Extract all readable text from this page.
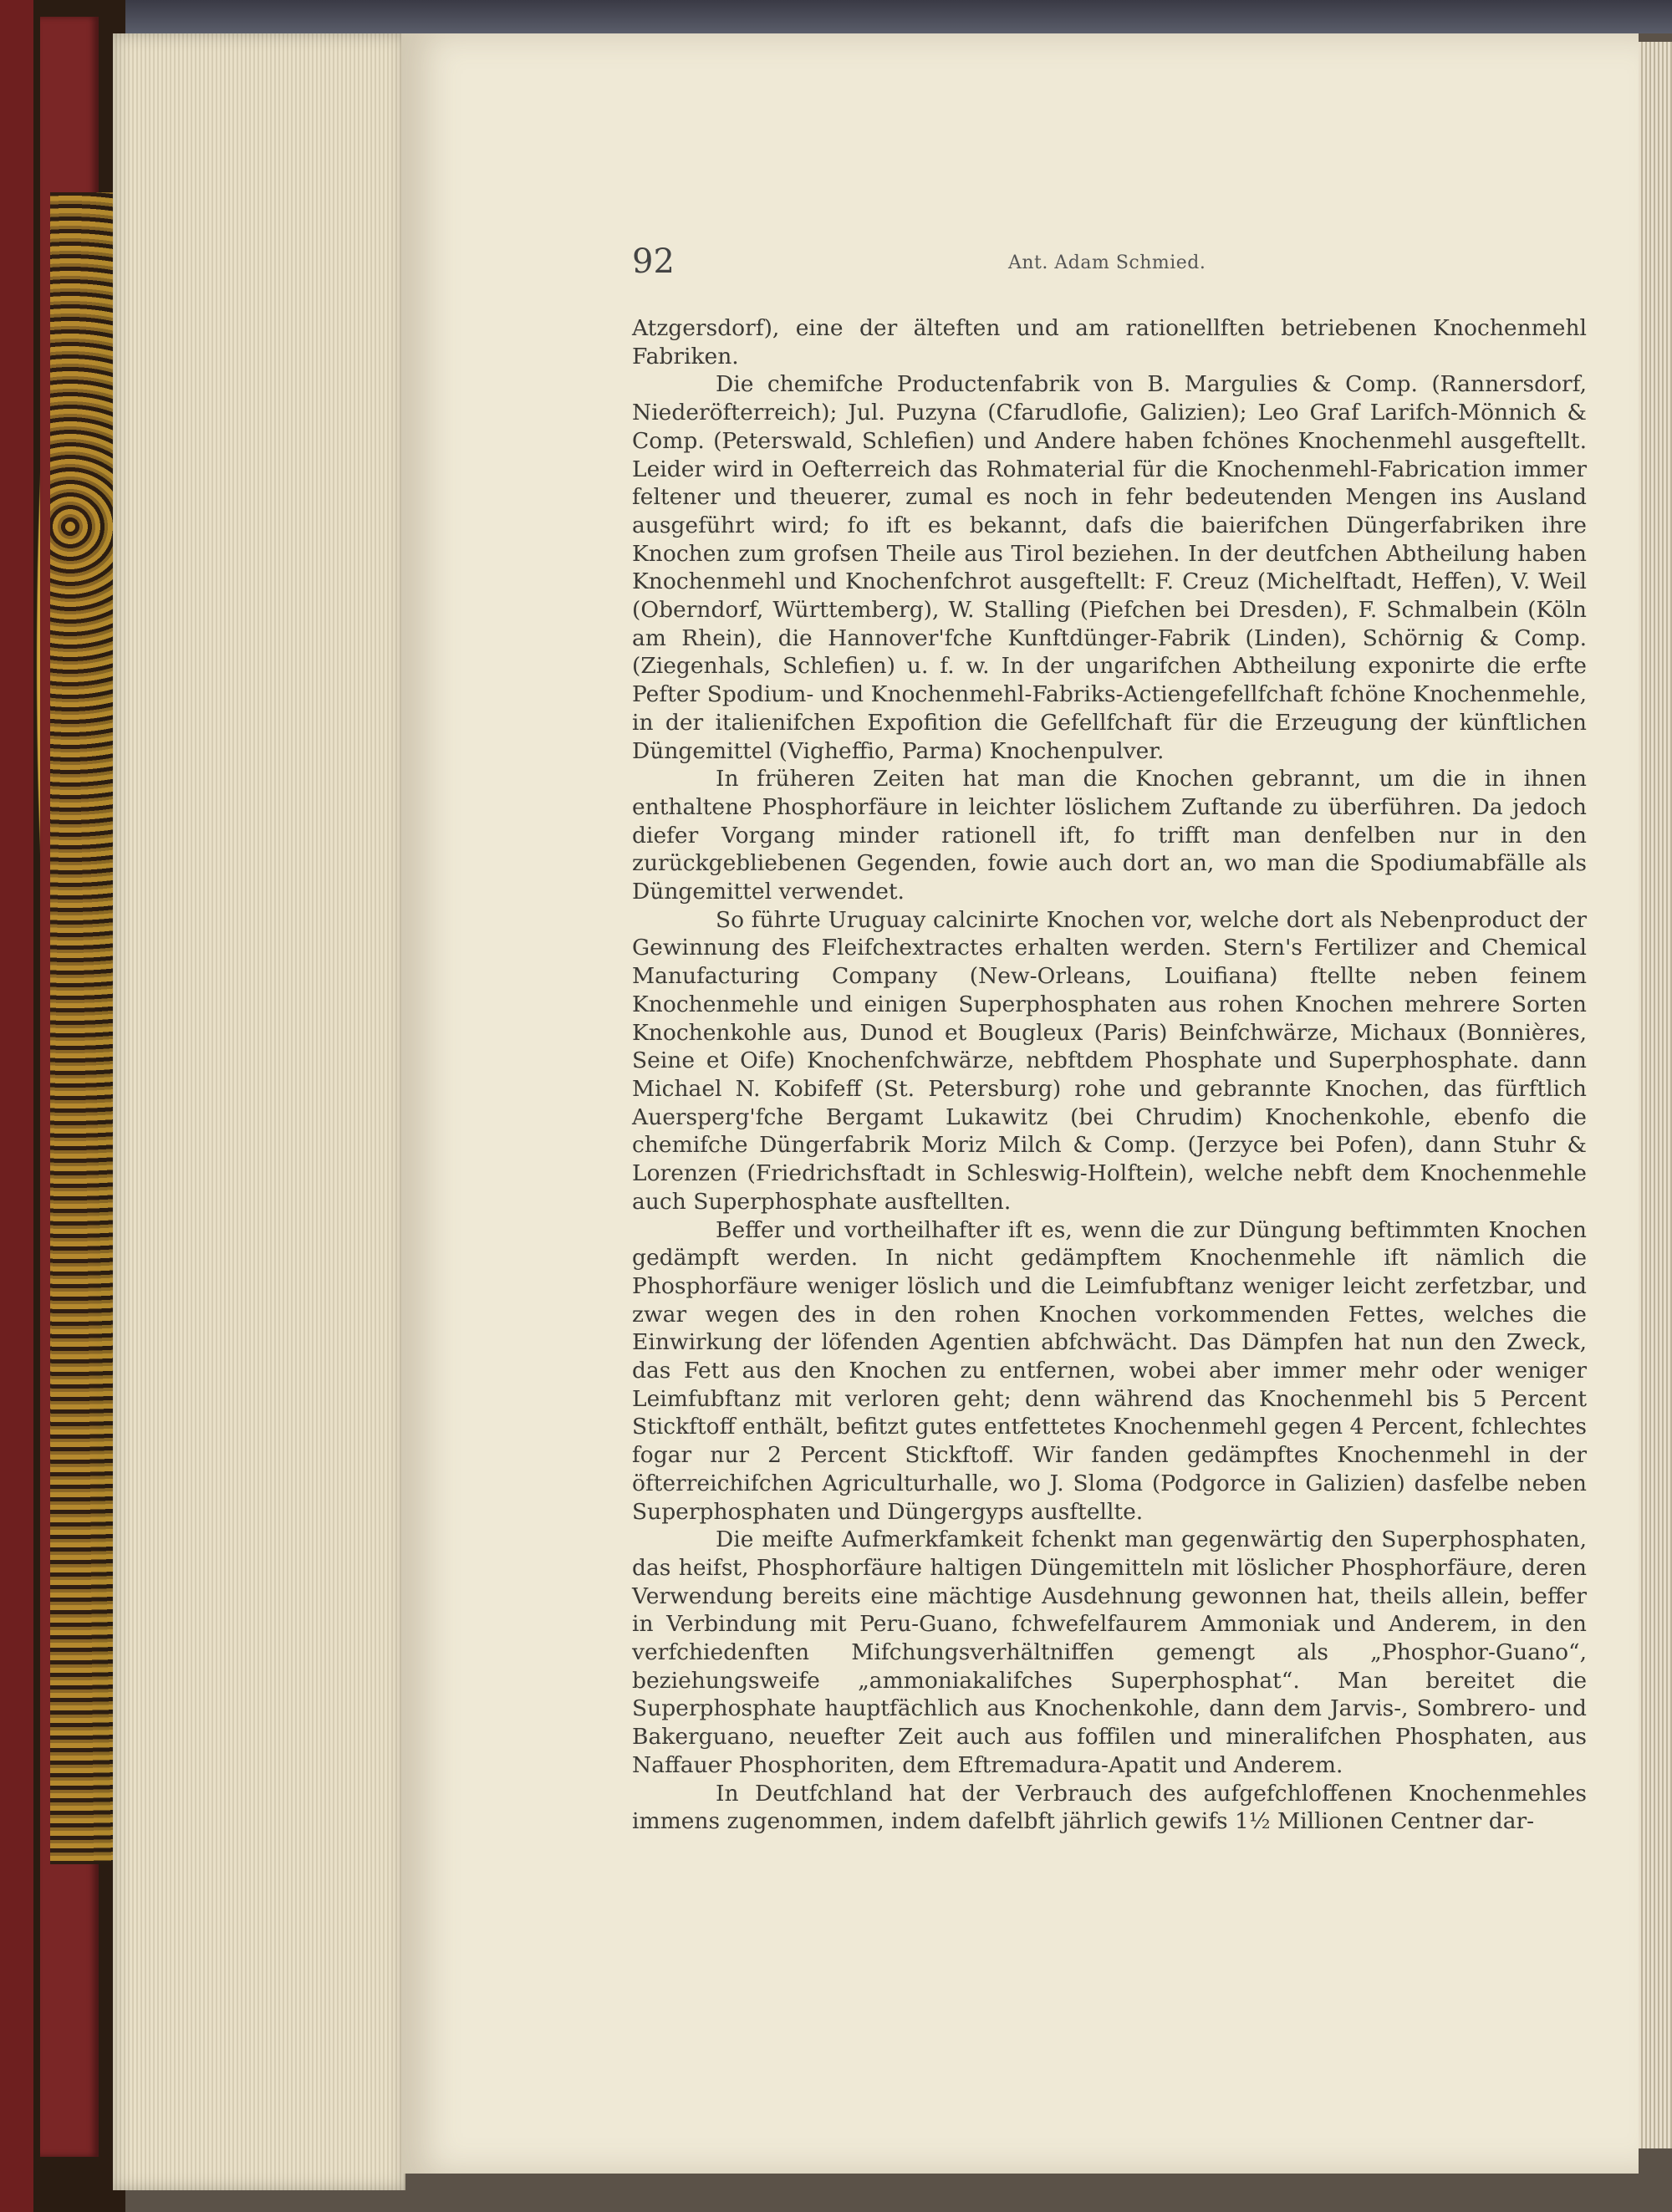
92	Ant. Adam Schmied.

Atzgersdorf), eine der älteften und am rationellften betriebenen Knochenmehl Fabriken.

Die chemifche Productenfabrik von B. Margulies & Comp. (Rannersdorf, Niederöfterreich); Jul. Puzyna (Cfarudlofie, Galizien); Leo Graf Larifch-Mönnich & Comp. (Peterswald, Schlefien) und Andere haben fchönes Knochenmehl ausgeftellt. Leider wird in Oefterreich das Rohmaterial für die Knochenmehl-Fabrication immer feltener und theuerer, zumal es noch in fehr bedeutenden Mengen ins Ausland ausgeführt wird; fo ift es bekannt, dafs die baierifchen Düngerfabriken ihre Knochen zum grofsen Theile aus Tirol beziehen. In der deutfchen Abtheilung haben Knochenmehl und Knochenfchrot ausgeftellt: F. Creuz (Michelftadt, Heffen), V. Weil (Oberndorf, Württemberg), W. Stalling (Piefchen bei Dresden), F. Schmalbein (Köln am Rhein), die Hannover'fche Kunftdünger-Fabrik (Linden), Schörnig & Comp. (Ziegenhals, Schlefien) u. f. w. In der ungarifchen Abtheilung exponirte die erfte Pefter Spodium- und Knochenmehl-Fabriks-Actiengefellfchaft fchöne Knochenmehle, in der italienifchen Expofition die Gefellfchaft für die Erzeugung der künftlichen Düngemittel (Vigheffio, Parma) Knochenpulver.

In früheren Zeiten hat man die Knochen gebrannt, um die in ihnen enthaltene Phosphorfäure in leichter löslichem Zuftande zu überführen. Da jedoch diefer Vorgang minder rationell ift, fo trifft man denfelben nur in den zurückgebliebenen Gegenden, fowie auch dort an, wo man die Spodiumabfälle als Düngemittel verwendet.

So führte Uruguay calcinirte Knochen vor, welche dort als Nebenproduct der Gewinnung des Fleifchextractes erhalten werden. Stern's Fertilizer and Chemical Manufacturing Company (New-Orleans, Louifiana) ftellte neben feinem Knochenmehle und einigen Superphosphaten aus rohen Knochen mehrere Sorten Knochenkohle aus, Dunod et Bougleux (Paris) Beinfchwärze, Michaux (Bonnières, Seine et Oife) Knochenfchwärze, nebftdem Phosphate und Superphosphate. dann Michael N. Kobifeff (St. Petersburg) rohe und gebrannte Knochen, das fürftlich Auersperg'fche Bergamt Lukawitz (bei Chrudim) Knochenkohle, ebenfo die chemifche Düngerfabrik Moriz Milch & Comp. (Jerzyce bei Pofen), dann Stuhr & Lorenzen (Friedrichsftadt in Schleswig-Holftein), welche nebft dem Knochenmehle auch Superphosphate ausftellten.

Beffer und vortheilhafter ift es, wenn die zur Düngung beftimmten Knochen gedämpft werden. In nicht gedämpftem Knochenmehle ift nämlich die Phosphorfäure weniger löslich und die Leimfubftanz weniger leicht zerfetzbar, und zwar wegen des in den rohen Knochen vorkommenden Fettes, welches die Einwirkung der löfenden Agentien abfchwächt. Das Dämpfen hat nun den Zweck, das Fett aus den Knochen zu entfernen, wobei aber immer mehr oder weniger Leimfubftanz mit verloren geht; denn während das Knochenmehl bis 5 Percent Stickftoff enthält, befitzt gutes entfettetes Knochenmehl gegen 4 Percent, fchlechtes fogar nur 2 Percent Stickftoff. Wir fanden gedämpftes Knochenmehl in der öfterreichifchen Agriculturhalle, wo J. Sloma (Podgorce in Galizien) dasfelbe neben Superphosphaten und Düngergyps ausftellte.

Die meifte Aufmerkfamkeit fchenkt man gegenwärtig den Superphosphaten, das heifst, Phosphorfäure haltigen Düngemitteln mit löslicher Phosphorfäure, deren Verwendung bereits eine mächtige Ausdehnung gewonnen hat, theils allein, beffer in Verbindung mit Peru-Guano, fchwefelfaurem Ammoniak und Anderem, in den verfchiedenften Mifchungsverhältniffen gemengt als „Phosphor-Guano“, beziehungsweife „ammoniakalifches Superphosphat“. Man bereitet die Superphosphate hauptfächlich aus Knochenkohle, dann dem Jarvis-, Sombrero- und Bakerguano, neuefter Zeit auch aus foffilen und mineralifchen Phosphaten, aus Naffauer Phosphoriten, dem Eftremadura-Apatit und Anderem.

In Deutfchland hat der Verbrauch des aufgefchloffenen Knochenmehles immens zugenommen, indem dafelbft jährlich gewifs 1½ Millionen Centner dar-
